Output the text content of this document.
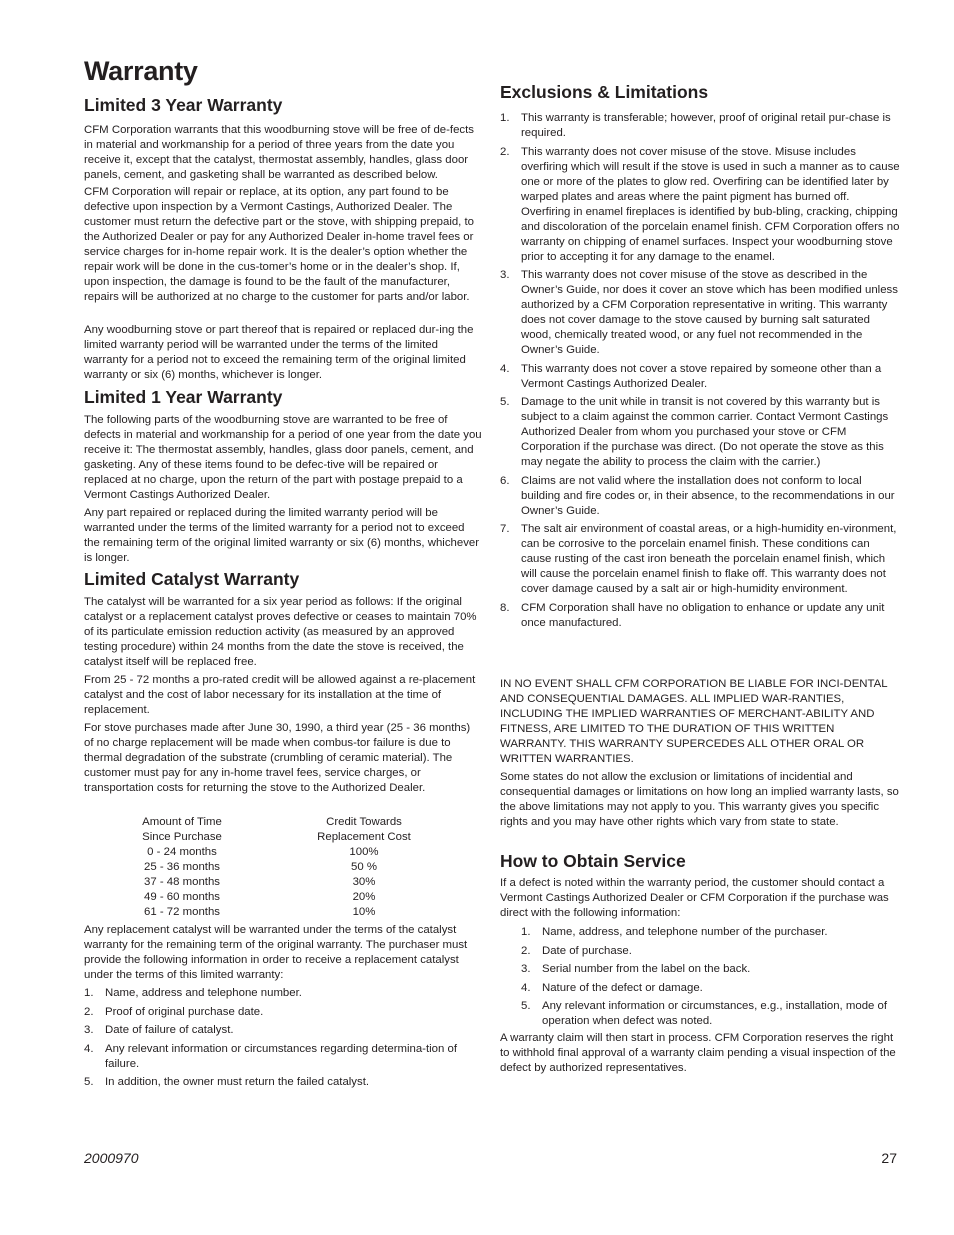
Warranty
Limited 3 Year Warranty

CFM Corporation warrants that this woodburning stove will be free of de-fects in material and workmanship for a period of three years from the date you receive it, except that the catalyst, thermostat assembly, handles, glass door panels, cement, and gasketing shall be warranted as described below.

CFM Corporation will repair or replace, at its option, any part found to be defective upon inspection by a Vermont Castings, Authorized Dealer. The customer must return the defective part or the stove, with shipping prepaid, to the Authorized Dealer or pay for any Authorized Dealer in-home travel fees or service charges for in-home repair work. It is the dealer’s option whether the repair work will be done in the cus-tomer’s home or in the dealer’s shop. If, upon inspection, the damage is found to be the fault of the manufacturer, repairs will be authorized at no charge to the customer for parts and/or labor.

Any woodburning stove or part thereof that is repaired or replaced dur-ing the limited warranty period will be warranted under the terms of the limited warranty for a period not to exceed the remaining term of the original limited warranty or six (6) months, whichever is longer.

Limited 1 Year Warranty

The following parts of the woodburning stove are warranted to be free of defects in material and workmanship for a period of one year from the date you receive it: The thermostat assembly, handles, glass door panels, cement, and gasketing. Any of these items found to be defec-tive will be repaired or replaced at no charge, upon the return of the part with postage prepaid to a Vermont Castings Authorized Dealer.

Any part repaired or replaced during the limited warranty period will be warranted under the terms of the limited warranty for a period not to exceed the remaining term of the original limited warranty or six (6) months, whichever is longer.

Limited Catalyst Warranty

The catalyst will be warranted for a six year period as follows: If the original catalyst or a replacement catalyst proves defective or ceases to maintain 70% of its particulate emission reduction activity (as measured by an approved testing procedure) within 24 months from the date the stove is received, the catalyst itself will be replaced free.

From 25 - 72 months a pro-rated credit will be allowed against a re-placement catalyst and the cost of labor necessary for its installation at the time of replacement.

For stove purchases made after June 30, 1990, a third year (25 - 36 months) of no charge replacement will be made when combus-tor failure is due to thermal degradation of the substrate (crumbling of ceramic material). The customer must pay for any in-home travel fees, service charges, or transportation costs for returning the stove to the Authorized Dealer.

Amount of Time	Credit Towards
Since Purchase	Replacement Cost
0 - 24 months	100%
25 - 36 months	50 %
37 - 48 months	30%
49 - 60 months	20%
61 - 72 months	10%

Any replacement catalyst will be warranted under the terms of the catalyst warranty for the remaining term of the original warranty. The purchaser must provide the following information in order to receive a replacement catalyst under the terms of this limited warranty:

1. Name, address and telephone number.
2. Proof of original purchase date.
3. Date of failure of catalyst.
4. Any relevant information or circumstances regarding determina-tion of failure.
5. In addition, the owner must return the failed catalyst.
Exclusions & Limitations
1. This warranty is transferable; however, proof of original retail pur-chase is required.
2. This warranty does not cover misuse of the stove. Misuse includes overfiring which will result if the stove is used in such a manner as to cause one or more of the plates to glow red. Overfiring can be identified later by warped plates and areas where the paint pigment has burned off. Overfiring in enamel fireplaces is identified by bub-bling, cracking, chipping and discoloration of the porcelain enamel finish. CFM Corporation offers no warranty on chipping of enamel surfaces. Inspect your woodburning stove prior to accepting it for any damage to the enamel.
3. This warranty does not cover misuse of the stove as described in the Owner’s Guide, nor does it cover an stove which has been modified unless authorized by a CFM Corporation representative in writing. This warranty does not cover damage to the stove caused by burning salt saturated wood, chemically treated wood, or any fuel not recommended in the Owner’s Guide.
4. This warranty does not cover a stove repaired by someone other than a Vermont Castings Authorized Dealer.
5. Damage to the unit while in transit is not covered by this warranty but is subject to a claim against the common carrier. Contact Vermont Castings Authorized Dealer from whom you purchased your stove or CFM Corporation if the purchase was direct. (Do not operate the stove as this may negate the ability to process the claim with the carrier.)
6. Claims are not valid where the installation does not conform to local building and fire codes or, in their absence, to the recommendations in our Owner’s Guide.
7. The salt air environment of coastal areas, or a high-humidity en-vironment, can be corrosive to the porcelain enamel finish. These conditions can cause rusting of the cast iron beneath the porcelain enamel finish, which will cause the porcelain enamel finish to flake off. This warranty does not cover damage caused by a salt air or high-humidity environment.
8. CFM Corporation shall have no obligation to enhance or update any unit once manufactured.

IN NO EVENT SHALL CFM CORPORATION BE LIABLE FOR INCI-DENTAL AND CONSEQUENTIAL DAMAGES. ALL IMPLIED WAR-RANTIES, INCLUDING THE IMPLIED WARRANTIES OF MERCHANT-ABILITY AND FITNESS, ARE LIMITED TO THE DURATION OF THIS WRITTEN WARRANTY. THIS WARRANTY SUPERCEDES ALL OTHER ORAL OR WRITTEN WARRANTIES.

Some states do not allow the exclusion or limitations of incidential and consequential damages or limitations on how long an implied warranty lasts, so the above limitations may not apply to you. This warranty gives you specific rights and you may have other rights which vary from state to state.

How to Obtain Service

If a defect is noted within the warranty period, the customer should contact a Vermont Castings Authorized Dealer or CFM Corporation if the purchase was direct with the following information:

1. Name, address, and telephone number of the purchaser.
2. Date of purchase.
3. Serial number from the label on the back.
4. Nature of the defect or damage.
5. Any relevant information or circumstances, e.g., installation, mode of operation when defect was noted.

A warranty claim will then start in process. CFM Corporation reserves the right to withhold final approval of a warranty claim pending a visual inspection of the defect by authorized representatives.

2000970	27
